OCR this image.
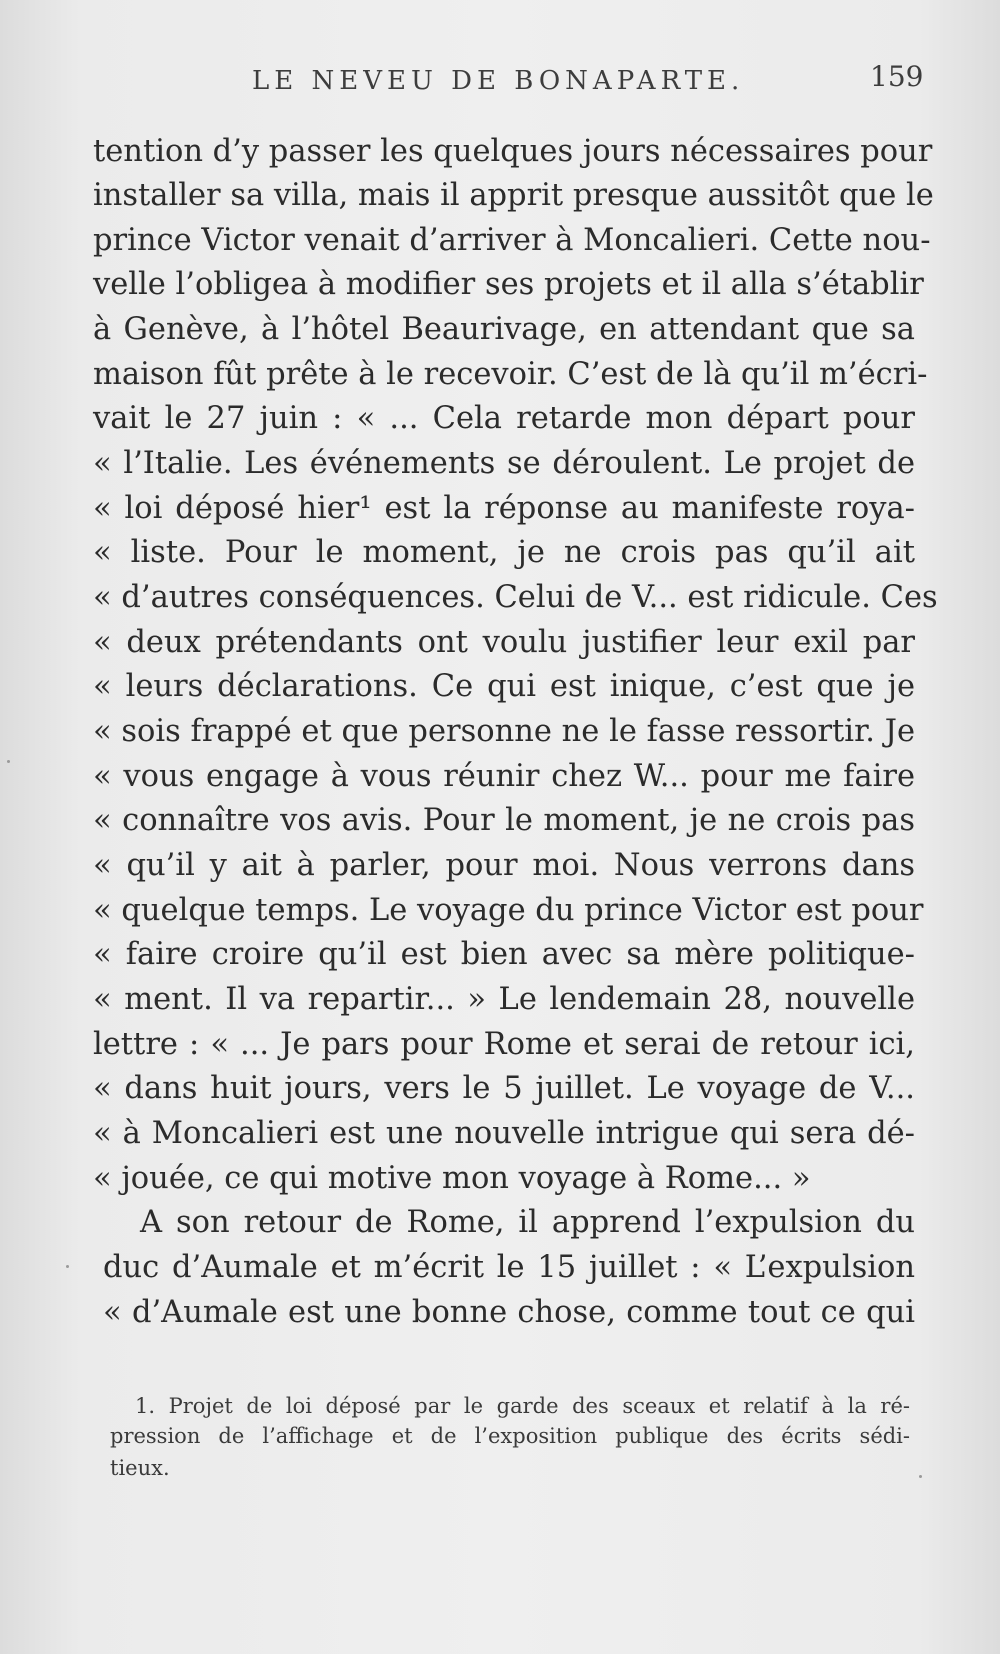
LE NEVEU DE BONAPARTE.	159
tention d’y passer les quelques jours nécessaires pour
installer sa villa, mais il apprit presque aussitôt que le
prince Victor venait d’arriver à Moncalieri. Cette nou-
velle l’obligea à modifier ses projets et il alla s’établir
à Genève, à l’hôtel Beaurivage, en attendant que sa
maison fût prête à le recevoir. C’est de là qu’il m’écri-
vait le 27 juin : « ... Cela retarde mon départ pour
« l’Italie. Les événements se déroulent. Le projet de
« loi déposé hier¹ est la réponse au manifeste roya-
« liste. Pour le moment, je ne crois pas qu’il ait
« d’autres conséquences. Celui de V... est ridicule. Ces
« deux prétendants ont voulu justifier leur exil par
« leurs déclarations. Ce qui est inique, c’est que je
« sois frappé et que personne ne le fasse ressortir. Je
« vous engage à vous réunir chez W... pour me faire
« connaître vos avis. Pour le moment, je ne crois pas
« qu’il y ait à parler, pour moi. Nous verrons dans
« quelque temps. Le voyage du prince Victor est pour
« faire croire qu’il est bien avec sa mère politique-
« ment. Il va repartir... » Le lendemain 28, nouvelle
lettre : « ... Je pars pour Rome et serai de retour ici,
« dans huit jours, vers le 5 juillet. Le voyage de V...
« à Moncalieri est une nouvelle intrigue qui sera dé-
« jouée, ce qui motive mon voyage à Rome... »
A son retour de Rome, il apprend l’expulsion du
duc d’Aumale et m’écrit le 15 juillet : « L’expulsion
« d’Aumale est une bonne chose, comme tout ce qui
1. Projet de loi déposé par le garde des sceaux et relatif à la ré-
pression de l’affichage et de l’exposition publique des écrits sédi-
tieux.
